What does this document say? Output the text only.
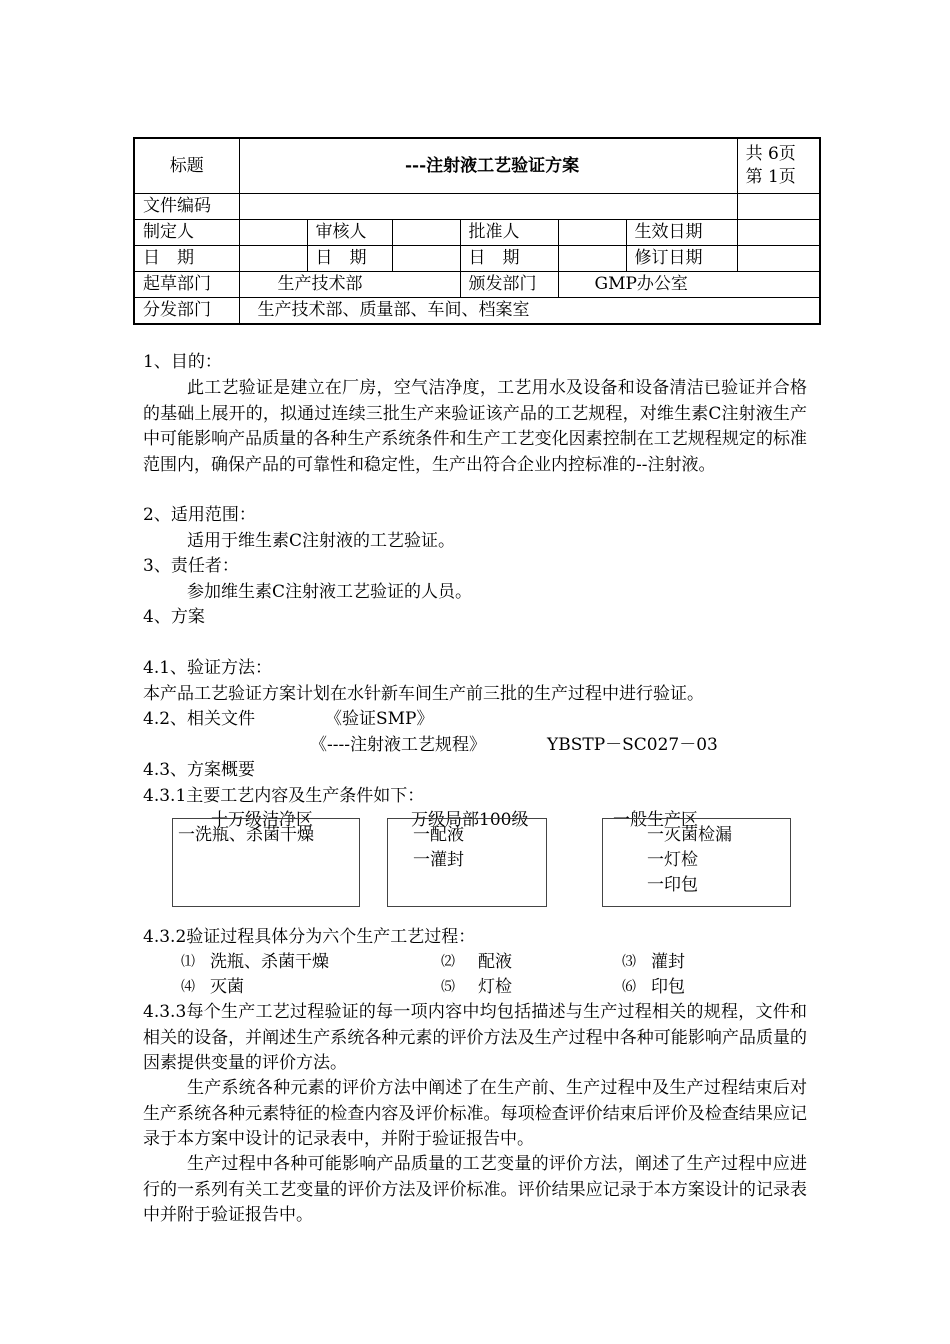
标题	---注射液工艺验证方案						共 6页
第 1页

文件编码							
制定人		审核人		批准人		生效日期	
日　期		日　期		日　期		修订日期	
起草部门	生产技术部			颁发部门	GMP办公室		
分发部门	生产技术部、质量部、车间、档案室						
1、目的：
此工艺验证是建立在厂房，空气洁净度，工艺用水及设备和设备清洁已验证并合格的基础上展开的，拟通过连续三批生产来验证该产品的工艺规程，对维生素C注射液生产中可能影响产品质量的各种生产系统条件和生产工艺变化因素控制在工艺规程规定的标准范围内，确保产品的可靠性和稳定性，生产出符合企业内控标准的--注射液。
2、适用范围：
适用于维生素C注射液的工艺验证。
3、责任者：
参加维生素C注射液工艺验证的人员。
4、方案
4.1、验证方法：
本产品工艺验证方案计划在水针新车间生产前三批的生产过程中进行验证。
4.2、相关文件	《验证SMP》
《----注射液工艺规程》	YBSTP－SC027－03
4.3、方案概要
4.3.1主要工艺内容及生产条件如下：
十万级洁净区
一洗瓶、杀菌干燥
万级局部100级
一配液
一灌封
一般生产区
一灭菌检漏
一灯检
一印包
4.3.2验证过程具体分为六个生产工艺过程：
⑴ 洗瓶、杀菌干燥	⑵ 配液	⑶ 灌封
⑷ 灭菌	⑸ 灯检	⑹ 印包
4.3.3每个生产工艺过程验证的每一项内容中均包括描述与生产过程相关的规程，文件和相关的设备，并阐述生产系统各种元素的评价方法及生产过程中各种可能影响产品质量的因素提供变量的评价方法。
生产系统各种元素的评价方法中阐述了在生产前、生产过程中及生产过程结束后对生产系统各种元素特征的检查内容及评价标准。每项检查评价结束后评价及检查结果应记录于本方案中设计的记录表中，并附于验证报告中。
生产过程中各种可能影响产品质量的工艺变量的评价方法，阐述了生产过程中应进行的一系列有关工艺变量的评价方法及评价标准。评价结果应记录于本方案设计的记录表中并附于验证报告中。
